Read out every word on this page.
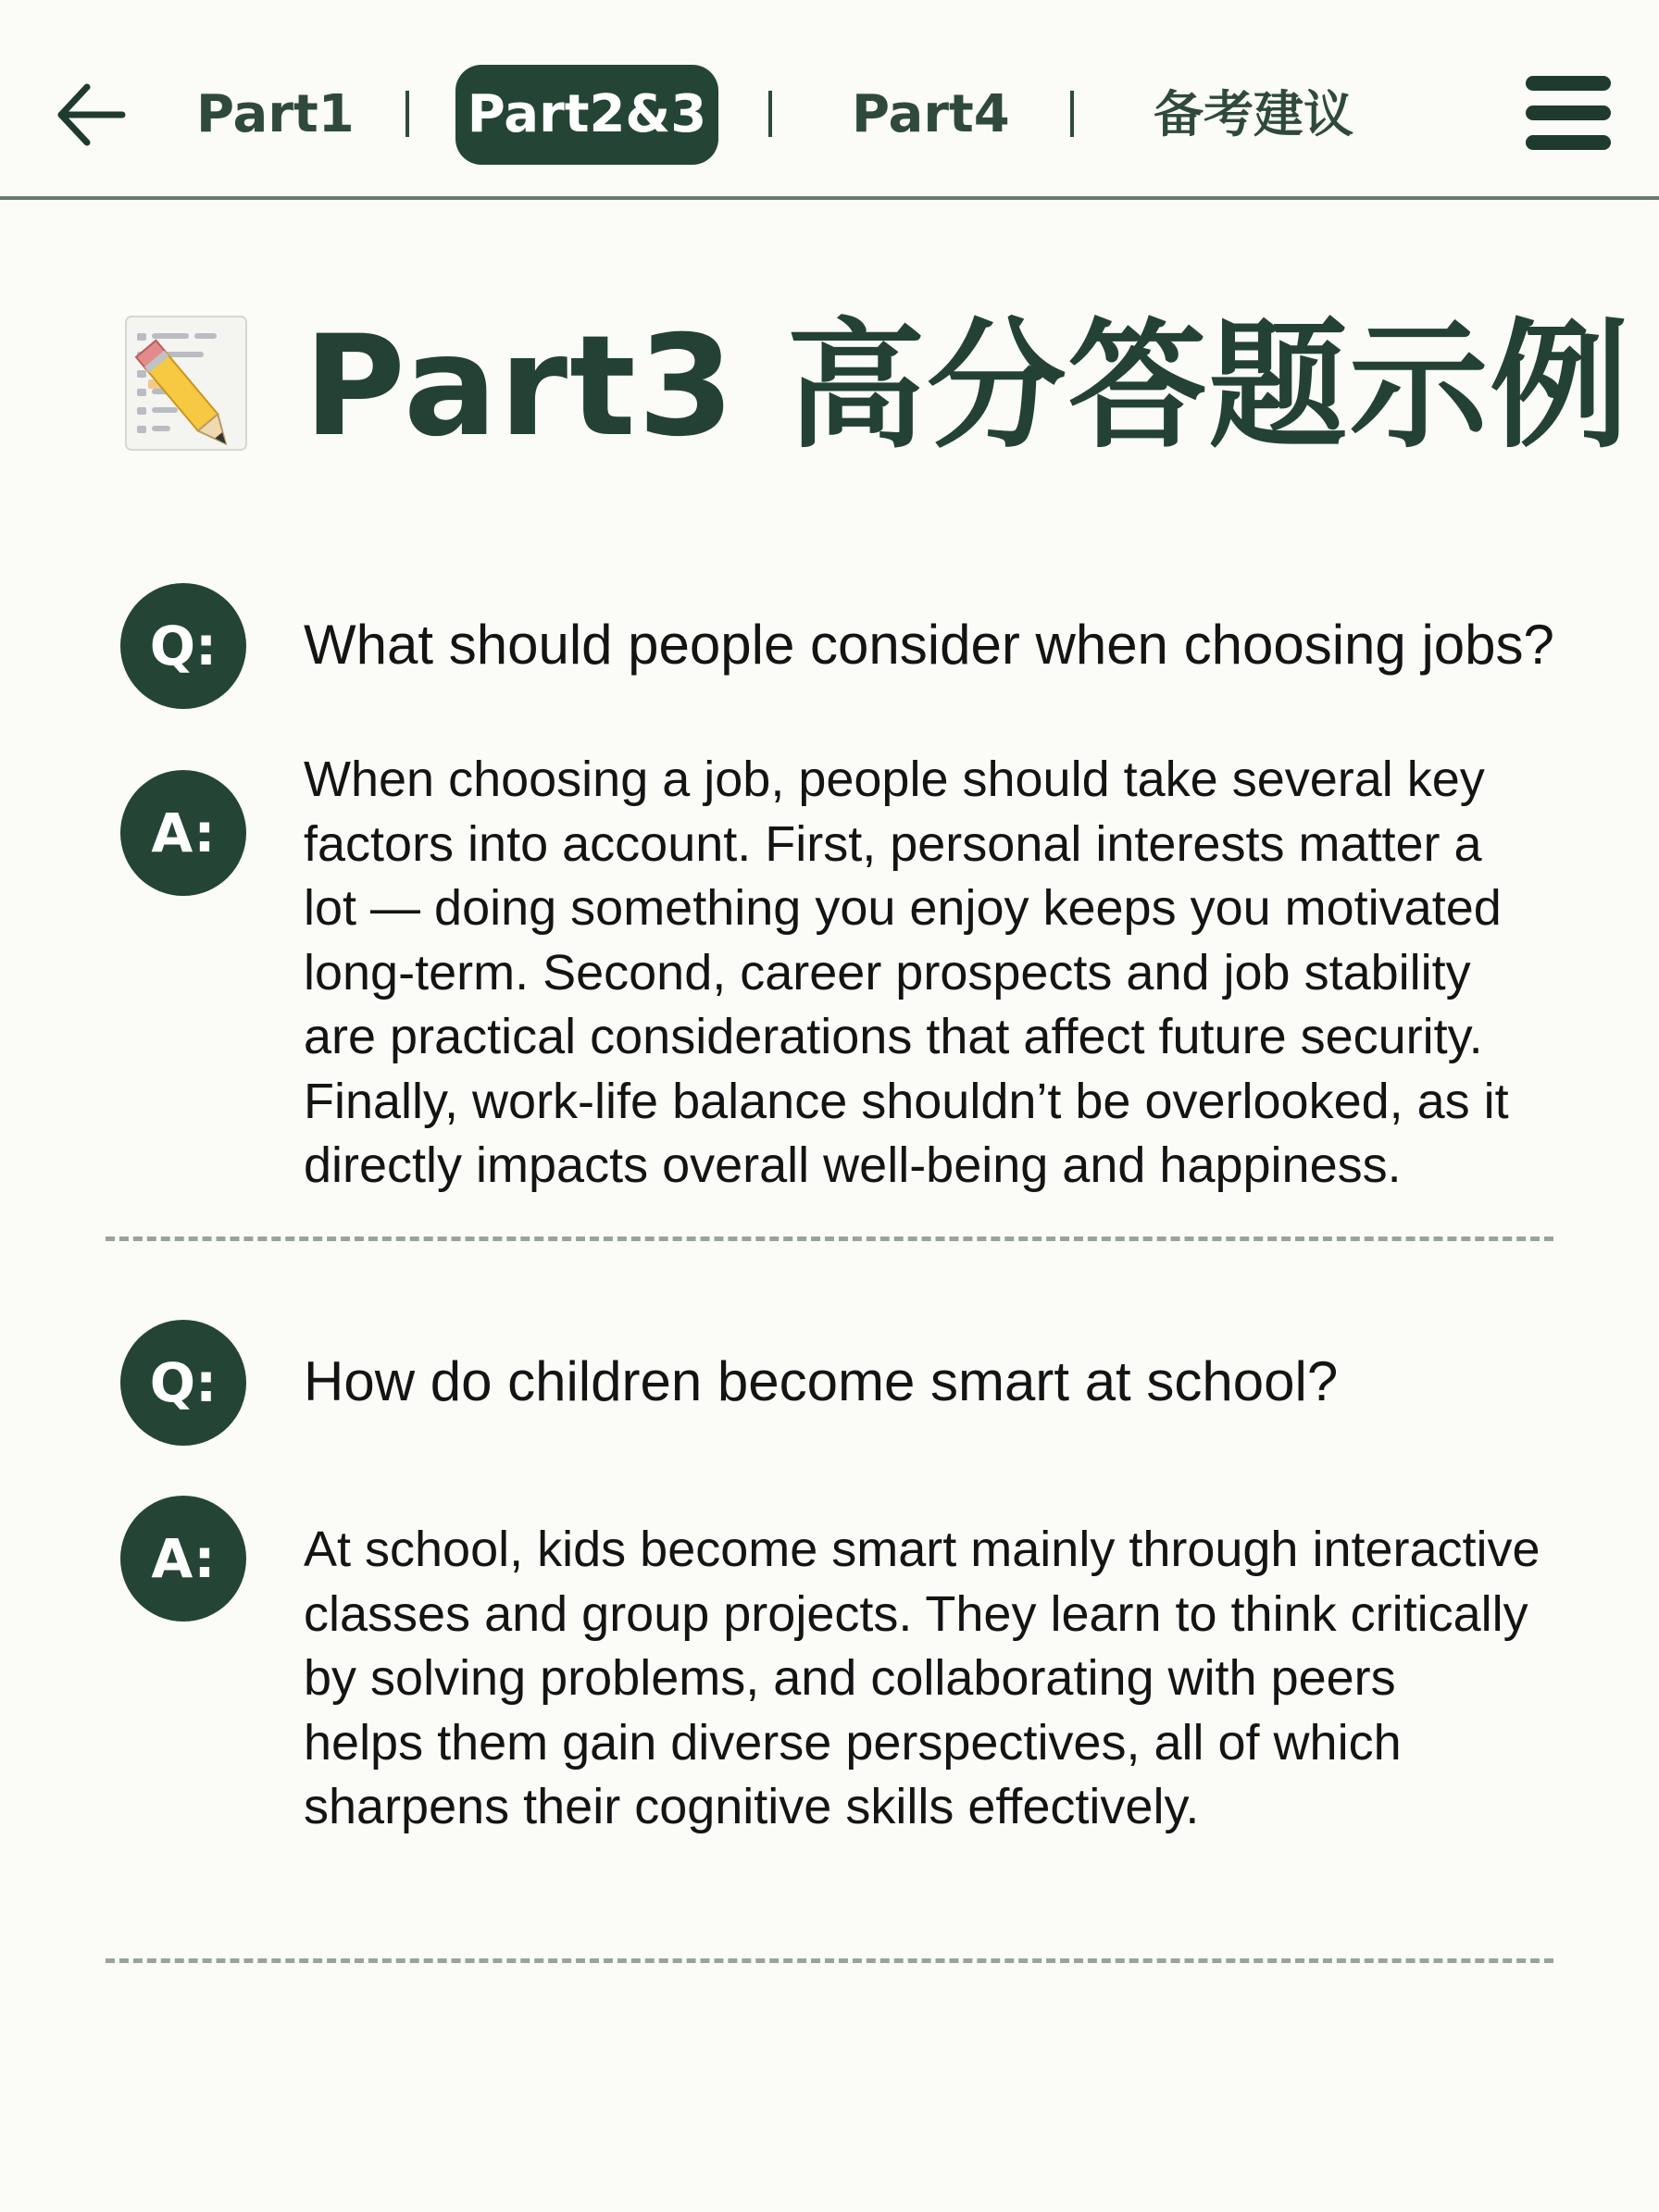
Part1 Part2&3	Part4	备考建议
Part3 高分答题示例
Q:	What should people consider when choosing jobs?
A:
When choosing a job, people should take several key
factors into account. First, personal interests matter a
lot — doing something you enjoy keeps you motivated
long-term. Second, career prospects and job stability
are practical considerations that affect future security.
Finally, work-life balance shouldn’t be overlooked, as it
directly impacts overall well-being and happiness.
Q:	How do children become smart at school?
A:	At school, kids become smart mainly through interactive
classes and group projects. They learn to think critically
by solving problems, and collaborating with peers
helps them gain diverse perspectives, all of which
sharpens their cognitive skills effectively.
